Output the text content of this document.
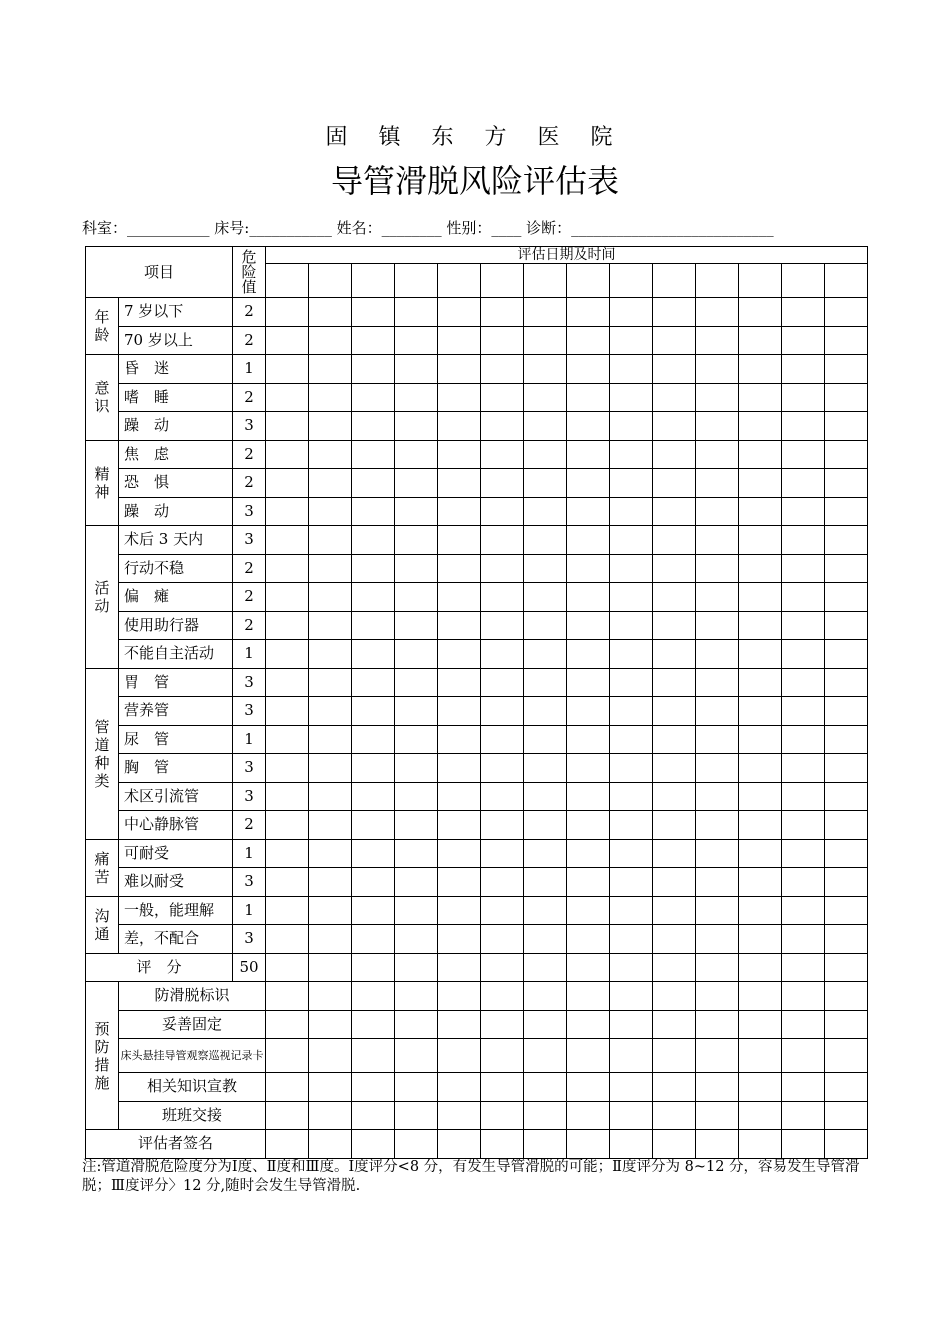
固 镇 东 方 医 院
导管滑脱风险评估表
科室：___________ 床号:___________ 姓名：________ 性别：____ 诊断：___________________________
项目		危险值	评估日期及时间													

年龄	7 岁以下	2														
	70 岁以上	2														
意识	昏　迷	1														
	嗜　睡	2														
	躁　动	3														
精神	焦　虑	2														
	恐　惧	2														
	躁　动	3														
活动	术后 3 天内	3														
	行动不稳	2														
	偏　瘫	2														
	使用助行器	2														
	不能自主活动	1														
管道种类	胃　管	3														
	营养管	3														
	尿　管	1														
	胸　管	3														
	术区引流管	3														
	中心静脉管	2														
痛苦	可耐受	1														
	难以耐受	3														
沟通	一般，能理解	1														
	差，不配合	3														
评　分		50														
预防措施	防滑脱标识															
	妥善固定															
	床头悬挂导管观察巡视记录卡															
	相关知识宣教															
	班班交接															
评估者签名																
注:管道滑脱危险度分为Ⅰ度、Ⅱ度和Ⅲ度。Ⅰ度评分<8 分，有发生导管滑脱的可能；Ⅱ度评分为 8~12 分，容易发生导管滑脱；Ⅲ度评分〉12 分,随时会发生导管滑脱.
